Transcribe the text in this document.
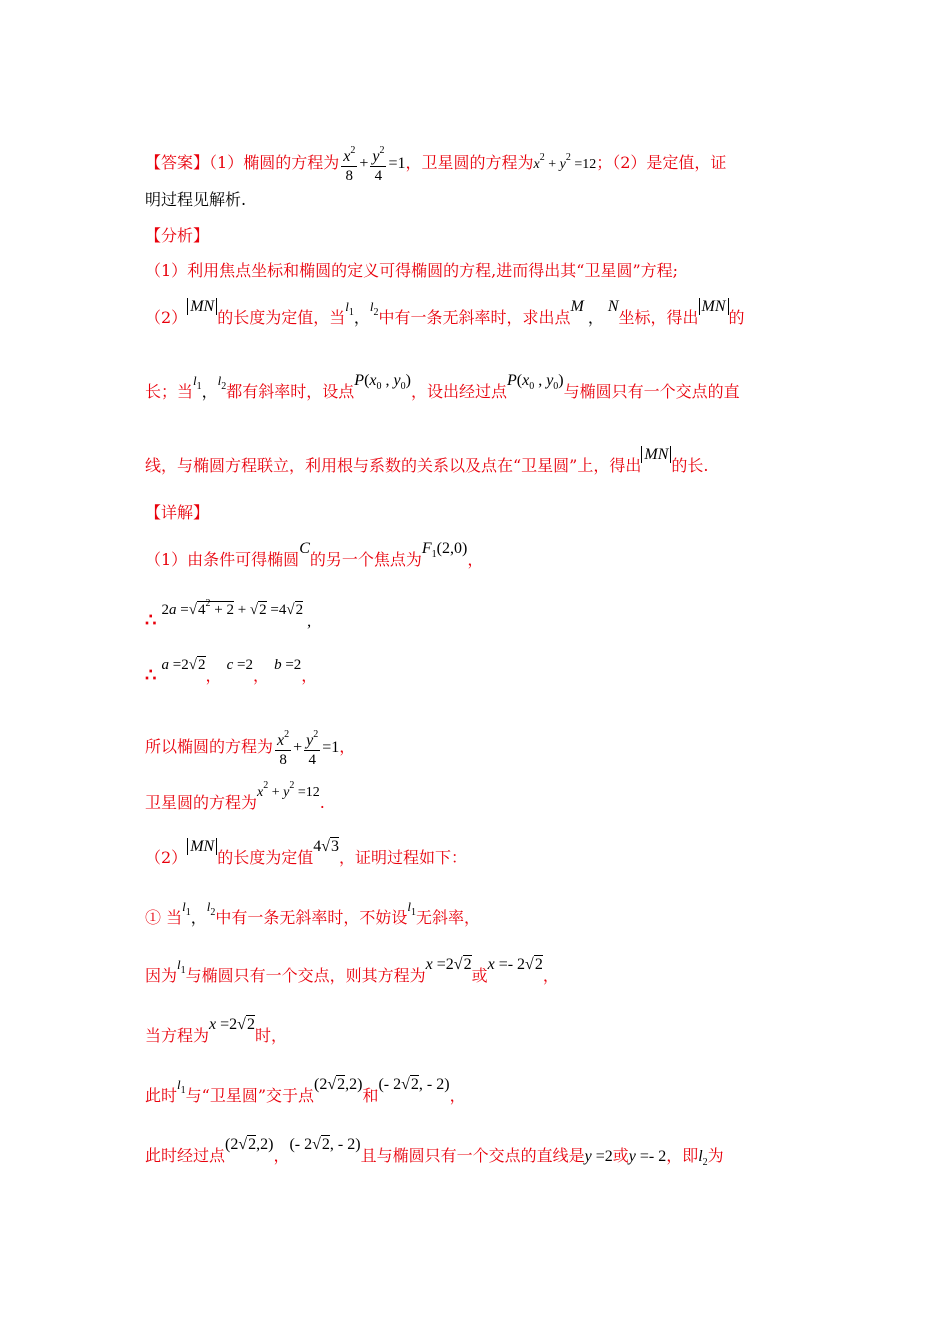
【答案】（1）椭圆的方程为 $\frac{x^2}{8} + \frac{y^2}{4} =1$，卫星圆的方程为$x^2 + y^2 =12$；（2）是定值，证
明过程见解析.
【分析】
（1）利用焦点坐标和椭圆的定义可得椭圆的方程,进而得出其“卫星圆”方程;
（2）MN的长度为定值，当$^{l_1}$，$^{l_2}$中有一条无斜率时，求出点M ， N坐标，得出MN的
长；当$^{l_1}$，$^{l_2}$都有斜率时，设点$P(x_0$ , $y_0$)，设出经过点$P(x_0$ , $y_0$)与椭圆只有一个交点的直
线，与椭圆方程联立，利用根与系数的关系以及点在“卫星圆”上，得出MN的长.
【详解】
（1）由条件可得椭圆C的另一个焦点为$F_1(2,0)$，
∴ $2a =√4^2 + 2 + √2 =4√2$ ,
∴ a =2√2， c =2， b =2，
所以椭圆的方程为 $\frac{x^2}{8} + \frac{y^2}{4} =1$，
卫星圆的方程为$x^2 + y^2 =12$.
（2）MN的长度为定值4√3，证明过程如下：
① 当$^{l_1}$，$^{l_2}$中有一条无斜率时，不妨设$^{l_1}$无斜率，
因为$^{l_1}$与椭圆只有一个交点，则其方程为x =2√2或x =- 2√2，
当方程为x =2√2时，
此时$^{l_1}$与“卫星圆”交于点(2√2,2)和(- 2√2, - 2)，
此时经过点(2√2,2)，(- 2√2, - 2)且与椭圆只有一个交点的直线是y =2或y =- 2，即$l_2$为
